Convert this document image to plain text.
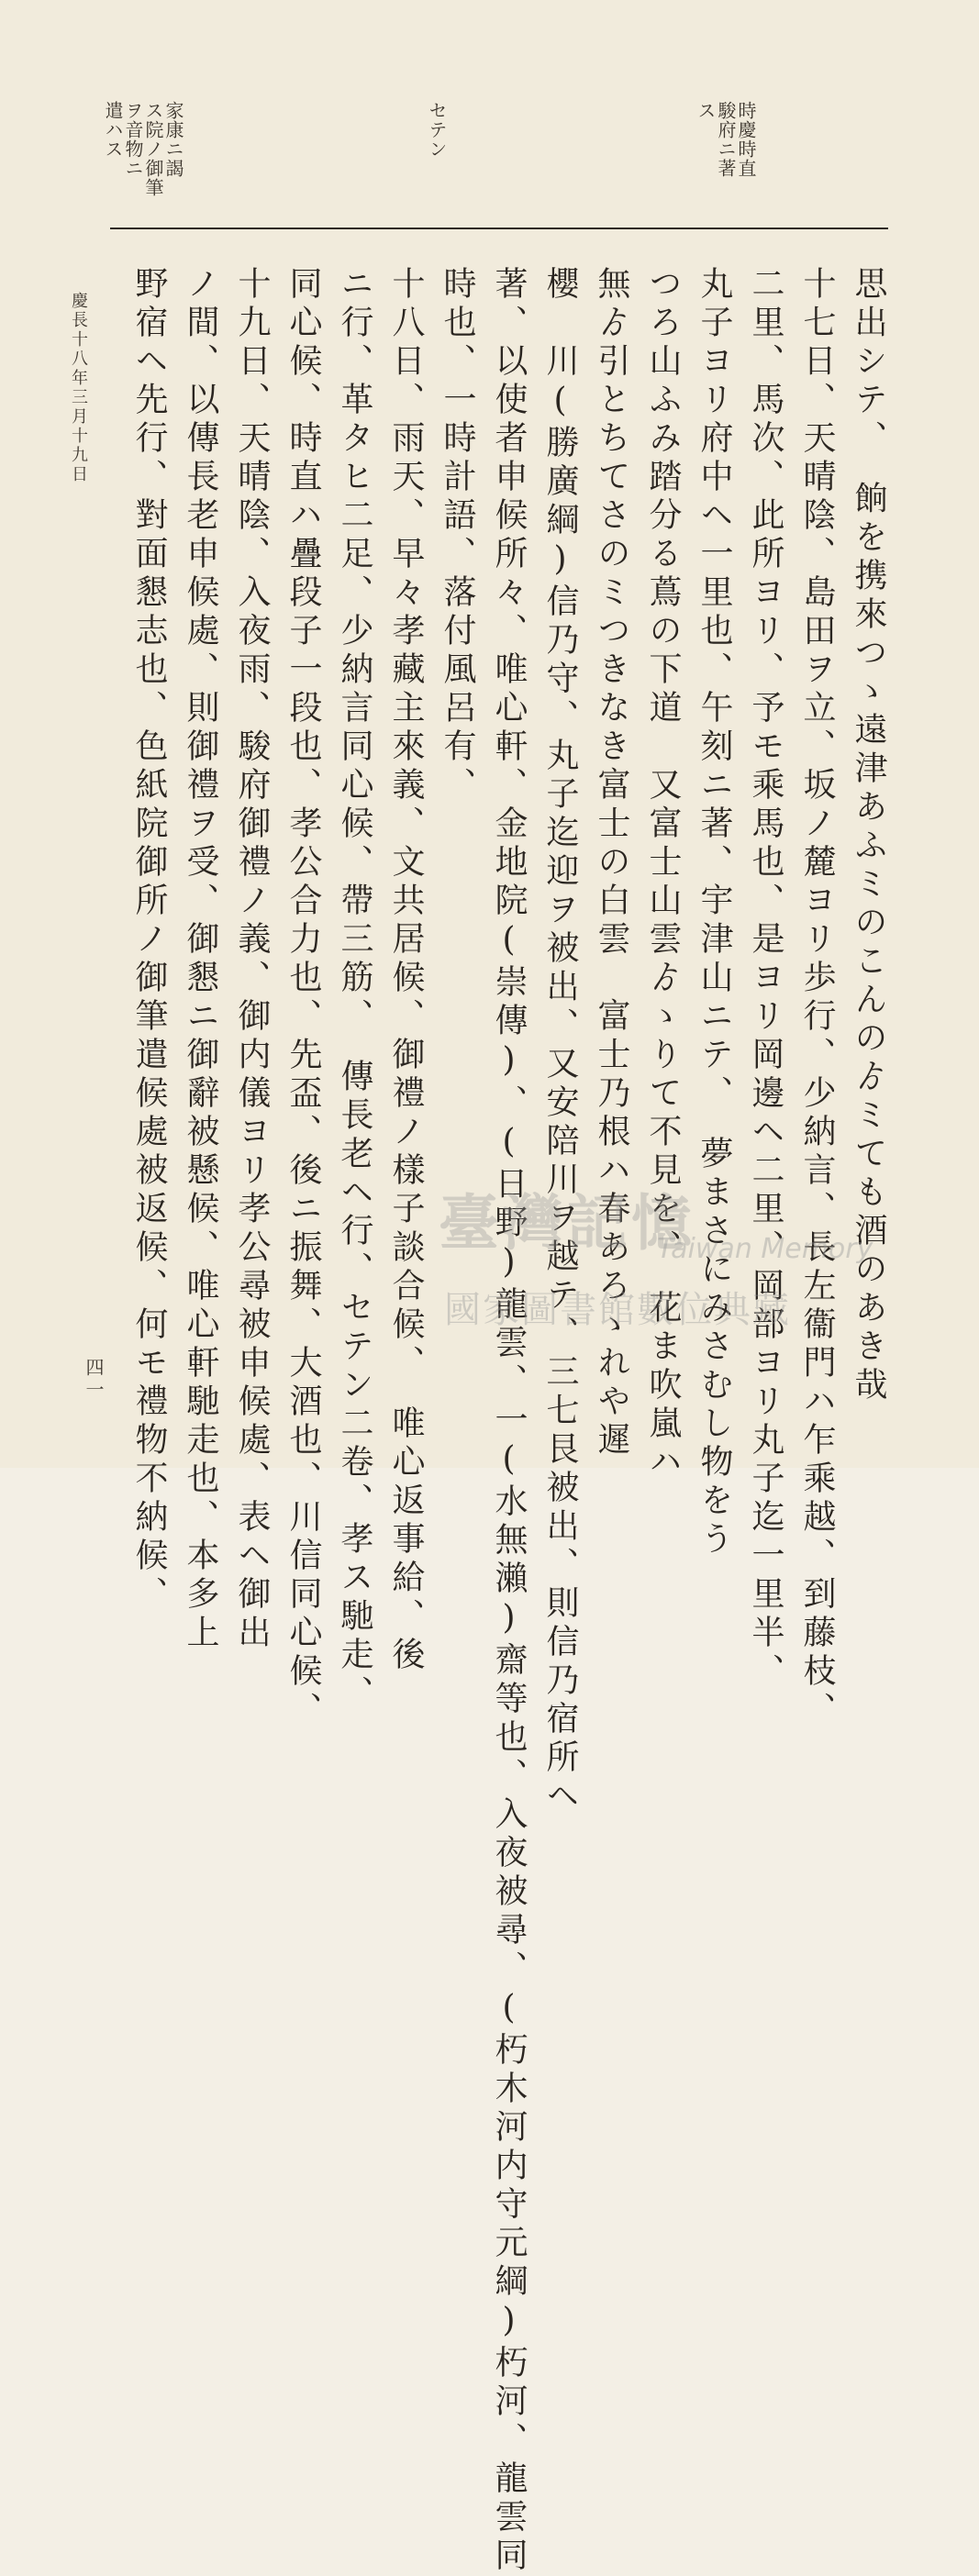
時慶時直
駿府ニ著
ス
セテン
家康ニ謁
ス院ノ御筆
ヲ音物ニ
遣ハス
思出シテ、　餉を携來つゝ遠津あふミのこんのゟミても酒のあき哉
十七日、天晴陰、島田ヲ立、坂ノ麓ヨリ歩行、少納言、長左衞門ハ乍乘越、到藤枝、
二里、馬次、此所ヨリ、予モ乘馬也、是ヨリ岡邊ヘ二里、岡部ヨリ丸子迄一里半、
丸子ヨリ府中ヘ一里也、午刻ニ著、宇津山ニテ、　夢まさにみさむし物をう
つろ山ふみ踏分る蔦の下道　又富士山雲ゟゝりて不見を、　花ま吹嵐ハ
無ゟ引とちてさのミつきなき富士の白雲　富士乃根ハ春あろゝれや遲
櫻　川(勝廣綱)信乃守、丸子迄迎ヲ被出、又安陪川ヲ越テ、三七艮被出、則信乃宿所ヘ
著、以使者申候所々、唯心軒、金地院(崇傳)、(日野)龍雲、一(水無瀨)齋等也、入夜被尋、(朽木河内守元綱)朽河、龍雲同
時也、一時計語、落付風呂有、
十八日、雨天、早々孝藏主來義、文共居候、御禮ノ樣子談合候、　唯心返事給、後
ニ行、革タヒ二足、少納言同心候、帶三筋、　傳長老ヘ行、セテン二卷、孝ス馳走、
同心候、時直ハ疊段子一段也、孝公合力也、先盃、後ニ振舞、大酒也、川信同心候、
十九日、天晴陰、入夜雨、駿府御禮ノ義、御内儀ヨリ孝公尋被申候處、表ヘ御出
ノ間、以傳長老申候處、則御禮ヲ受、御懇ニ御辭被懸候、唯心軒馳走也、本多上
野宿ヘ先行、對面懇志也、色紙院御所ノ御筆遣候處被返候、何モ禮物不納候、
慶長十八年三月十九日
四一
臺灣記憶
Taiwan Memory
國家圖書館數位典藏
